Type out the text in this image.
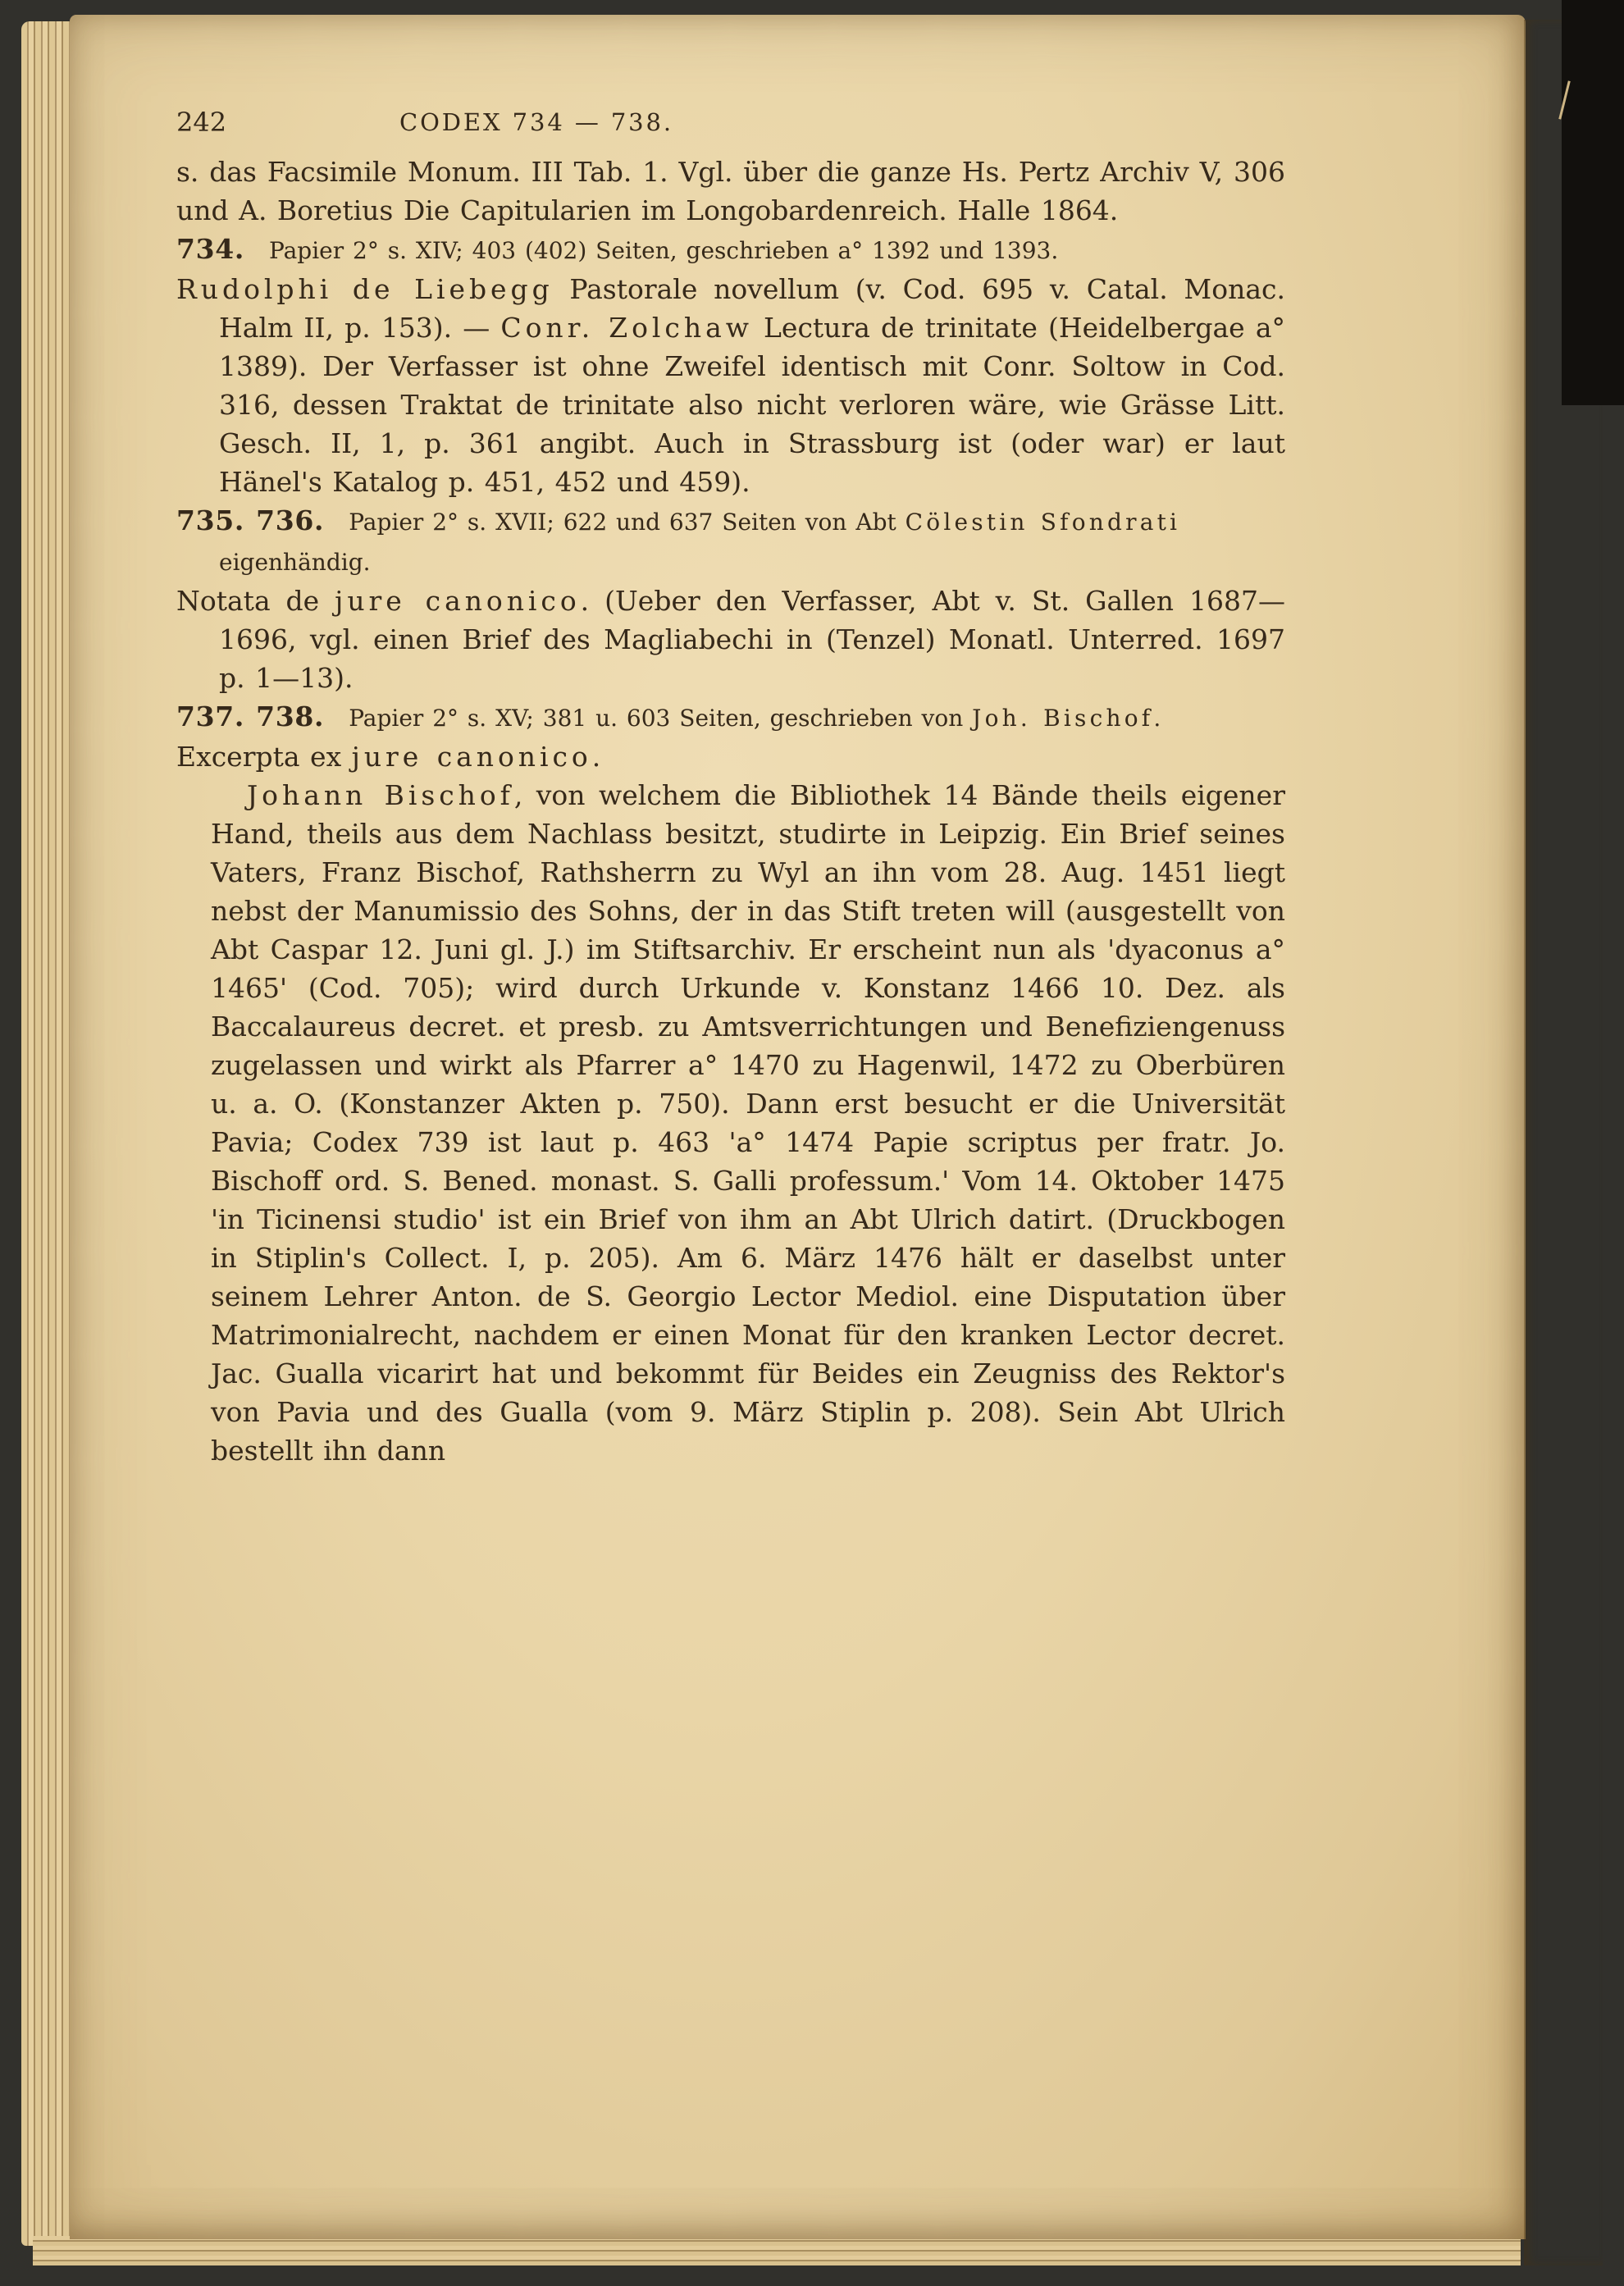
242	CODEX 734 — 738.

s. das Facsimile Monum. III Tab. 1. Vgl. über die ganze Hs. Pertz Archiv V, 306 und A. Boretius Die Capitularien im Longobardenreich. Halle 1864.

734. Papier 2° s. XIV; 403 (402) Seiten, geschrieben a° 1392 und 1393.

Rudolphi de Liebegg Pastorale novellum (v. Cod. 695 v. Catal. Monac. Halm II, p. 153). — Conr. Zolchaw Lectura de trinitate (Heidelbergae a° 1389). Der Verfasser ist ohne Zweifel identisch mit Conr. Soltow in Cod. 316, dessen Traktat de trinitate also nicht verloren wäre, wie Grässe Litt. Gesch. II, 1, p. 361 angibt. Auch in Strassburg ist (oder war) er laut Hänel's Katalog p. 451, 452 und 459).

735. 736. Papier 2° s. XVII; 622 und 637 Seiten von Abt Cölestin Sfondrati eigenhändig.

Notata de jure canonico. (Ueber den Verfasser, Abt v. St. Gallen 1687—1696, vgl. einen Brief des Magliabechi in (Tenzel) Monatl. Unterred. 1697 p. 1—13).

737. 738. Papier 2° s. XV; 381 u. 603 Seiten, geschrieben von Joh. Bischof.

Excerpta ex jure canonico.

Johann Bischof, von welchem die Bibliothek 14 Bände theils eigener Hand, theils aus dem Nachlass besitzt, studirte in Leipzig. Ein Brief seines Vaters, Franz Bischof, Rathsherrn zu Wyl an ihn vom 28. Aug. 1451 liegt nebst der Manumissio des Sohns, der in das Stift treten will (ausgestellt von Abt Caspar 12. Juni gl. J.) im Stiftsarchiv. Er erscheint nun als 'dyaconus a° 1465' (Cod. 705); wird durch Urkunde v. Konstanz 1466 10. Dez. als Baccalaureus decret. et presb. zu Amtsverrichtungen und Benefiziengenuss zugelassen und wirkt als Pfarrer a° 1470 zu Hagenwil, 1472 zu Oberbüren u. a. O. (Konstanzer Akten p. 750). Dann erst besucht er die Universität Pavia; Codex 739 ist laut p. 463 'a° 1474 Papie scriptus per fratr. Jo. Bischoff ord. S. Bened. monast. S. Galli professum.' Vom 14. Oktober 1475 'in Ticinensi studio' ist ein Brief von ihm an Abt Ulrich datirt. (Druckbogen in Stiplin's Collect. I, p. 205). Am 6. März 1476 hält er daselbst unter seinem Lehrer Anton. de S. Georgio Lector Mediol. eine Disputation über Matrimonialrecht, nachdem er einen Monat für den kranken Lector decret. Jac. Gualla vicarirt hat und bekommt für Beides ein Zeugniss des Rektor's von Pavia und des Gualla (vom 9. März Stiplin p. 208). Sein Abt Ulrich bestellt ihn dann
